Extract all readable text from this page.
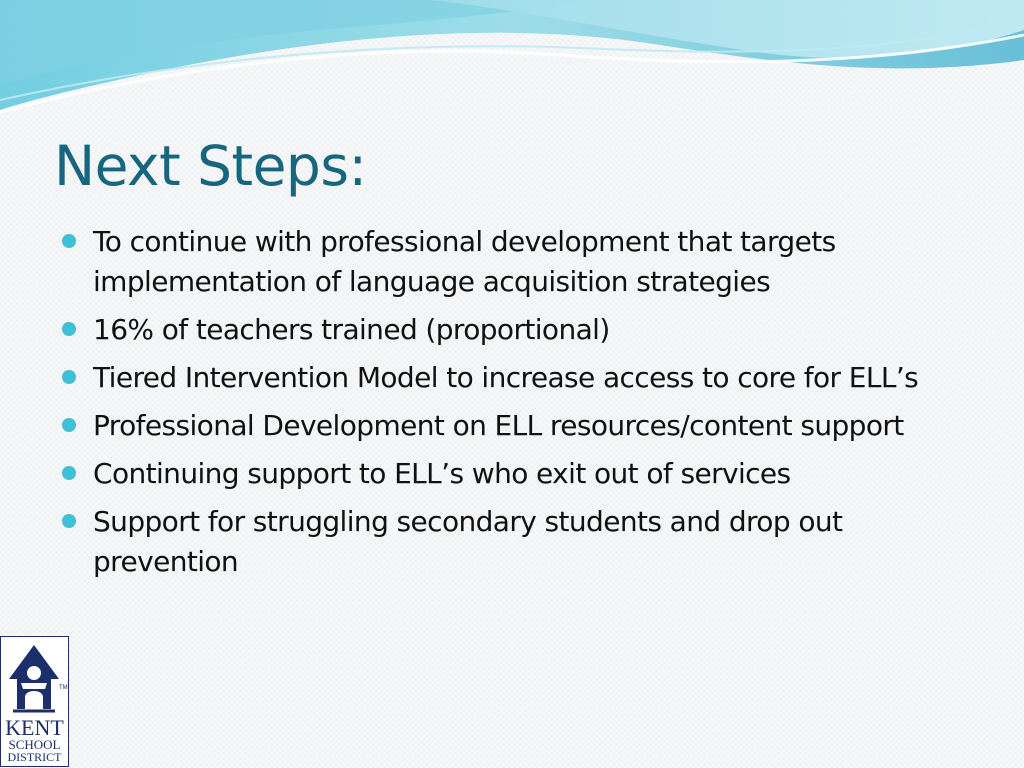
Next Steps:
To continue with professional development that targets implementation of language acquisition strategies
16% of teachers trained (proportional)
Tiered Intervention Model to increase access to core for ELL’s
Professional Development on ELL resources/content support
Continuing support to ELL’s who exit out of services
Support for struggling secondary students and drop out prevention
TM
KENT
SCHOOL
DISTRICT
